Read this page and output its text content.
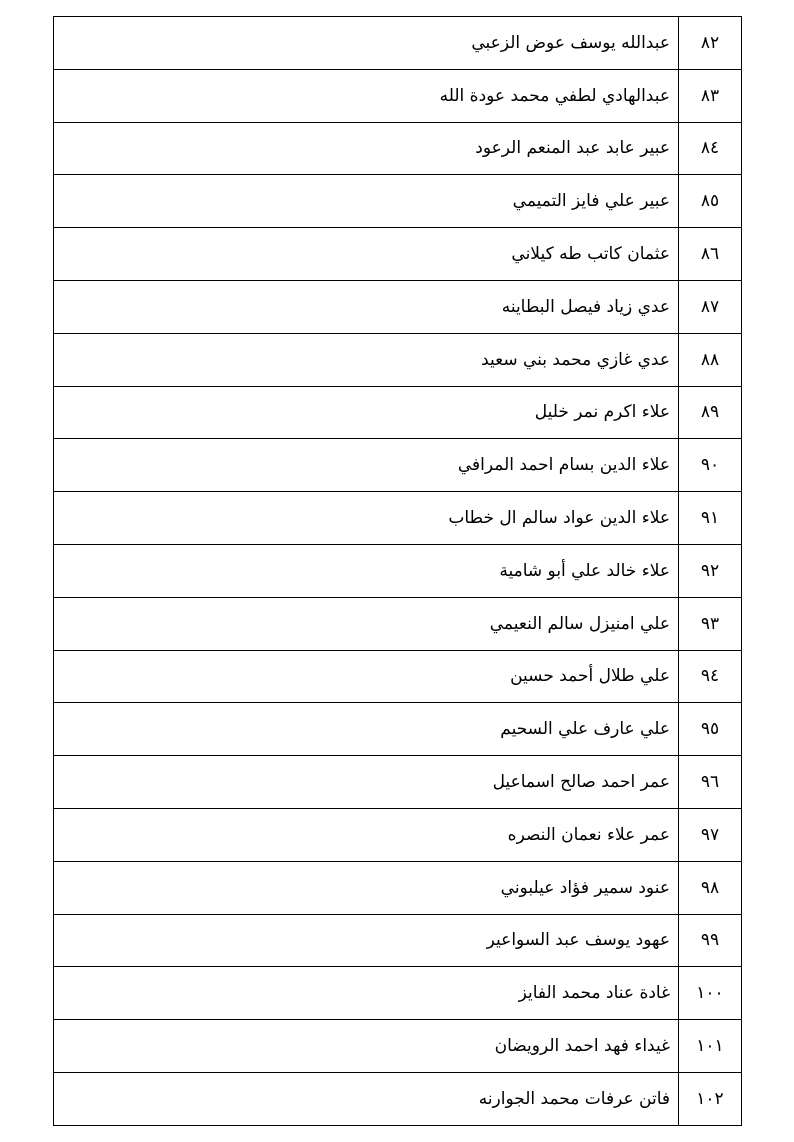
٨٢	عبدالله يوسف عوض الزعبي
٨٣	عبدالهادي لطفي محمد عودة الله
٨٤	عبير عابد عبد المنعم الرعود
٨٥	عبير علي فايز التميمي
٨٦	عثمان كاتب طه كيلاني
٨٧	عدي زياد فيصل البطاينه
٨٨	عدي غازي محمد بني سعيد
٨٩	علاء اكرم نمر خليل
٩٠	علاء الدين بسام احمد المرافي
٩١	علاء الدين عواد سالم ال خطاب
٩٢	علاء خالد علي أبو شامية
٩٣	علي امنيزل سالم النعيمي
٩٤	علي طلال أحمد حسين
٩٥	علي عارف علي السحيم
٩٦	عمر احمد صالح اسماعيل
٩٧	عمر علاء نعمان النصره
٩٨	عنود سمير فؤاد عيلبوني
٩٩	عهود يوسف عبد السواعير
١٠٠	غادة عناد محمد الفايز
١٠١	غيداء فهد احمد الرويضان
١٠٢	فاتن عرفات محمد الجوارنه
